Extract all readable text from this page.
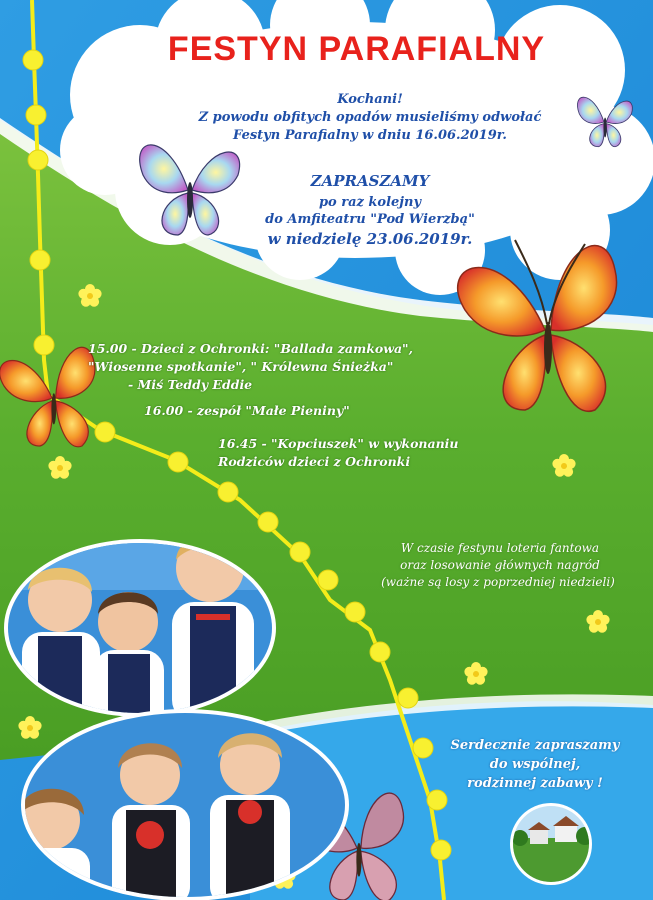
FESTYN PARAFIALNY
Kochani!
Z powodu obfitych opadów musieliśmy odwołać
Festyn Parafialny w dniu 16.06.2019r.
ZAPRASZAMY
po raz kolejny
do Amfiteatru "Pod Wierzbą"
w niedzielę 23.06.2019r.
15.00 - Dzieci z Ochronki: "Ballada zamkowa",
"Wiosenne spotkanie", " Królewna Śnieżka"
- Miś Teddy Eddie
16.00 - zespół "Małe Pieniny"
16.45 - "Kopciuszek" w wykonaniu
Rodziców dzieci z Ochronki
W czasie festynu loteria fantowa
oraz losowanie głównych nagród
(ważne są losy z poprzedniej niedzieli)
Serdecznie zapraszamy
do wspólnej,
rodzinnej zabawy !
